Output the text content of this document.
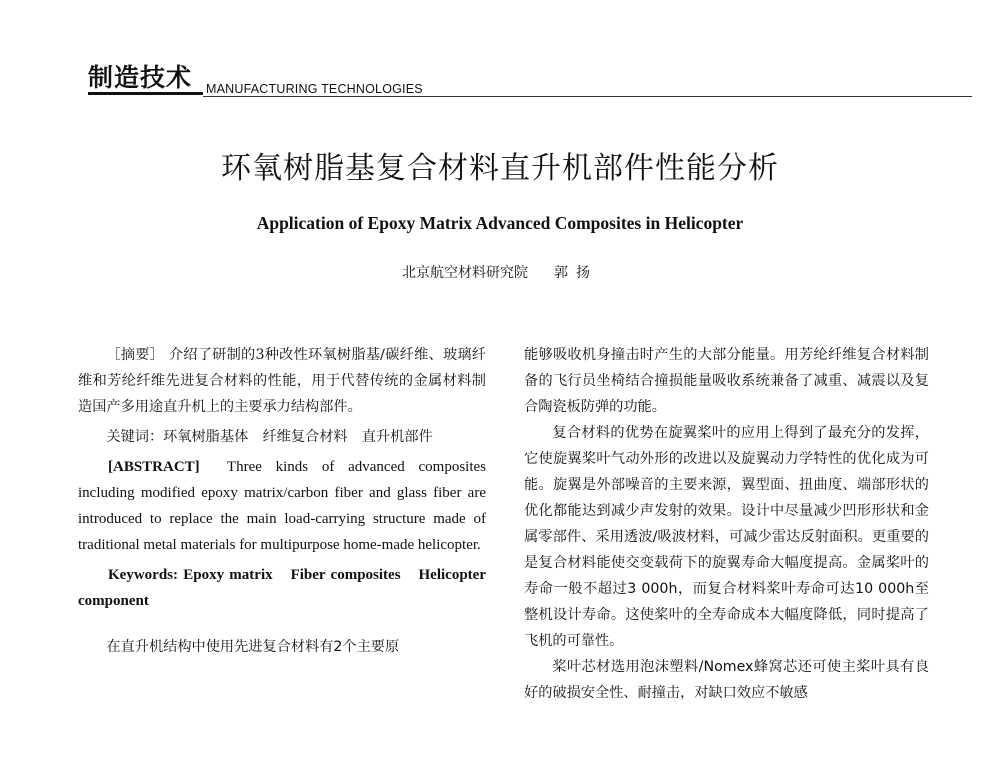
制造技术 MANUFACTURING TECHNOLOGIES
环氧树脂基复合材料直升机部件性能分析
Application of Epoxy Matrix Advanced Composites in Helicopter
北京航空材料研究院 郭扬

［摘要］ 介绍了研制的3种改性环氧树脂基/碳纤维、玻璃纤维和芳纶纤维先进复合材料的性能，用于代替传统的金属材料制造国产多用途直升机上的主要承力结构部件。

关键词：环氧树脂基体　纤维复合材料　直升机部件

[ABSTRACT] Three kinds of advanced composites including modified epoxy matrix/carbon fiber and glass fiber are introduced to replace the main load-carrying structure made of traditional metal materials for multipurpose home-made helicopter.

Keywords: Epoxy matrix　Fiber composites　Helicopter component

在直升机结构中使用先进复合材料有2个主要原

能够吸收机身撞击时产生的大部分能量。用芳纶纤维复合材料制备的飞行员坐椅结合撞损能量吸收系统兼备了减重、减震以及复合陶瓷板防弹的功能。

复合材料的优势在旋翼桨叶的应用上得到了最充分的发挥，它使旋翼桨叶气动外形的改进以及旋翼动力学特性的优化成为可能。旋翼是外部噪音的主要来源，翼型面、扭曲度、端部形状的优化都能达到减少声发射的效果。设计中尽量减少凹形形状和金属零部件、采用透波/吸波材料，可减少雷达反射面积。更重要的是复合材料能使交变载荷下的旋翼寿命大幅度提高。金属桨叶的寿命一般不超过3 000h，而复合材料桨叶寿命可达10 000h至整机设计寿命。这使桨叶的全寿命成本大幅度降低，同时提高了飞机的可靠性。

桨叶芯材选用泡沫塑料/Nomex蜂窝芯还可使主桨叶具有良好的破损安全性、耐撞击，对缺口效应不敏感
